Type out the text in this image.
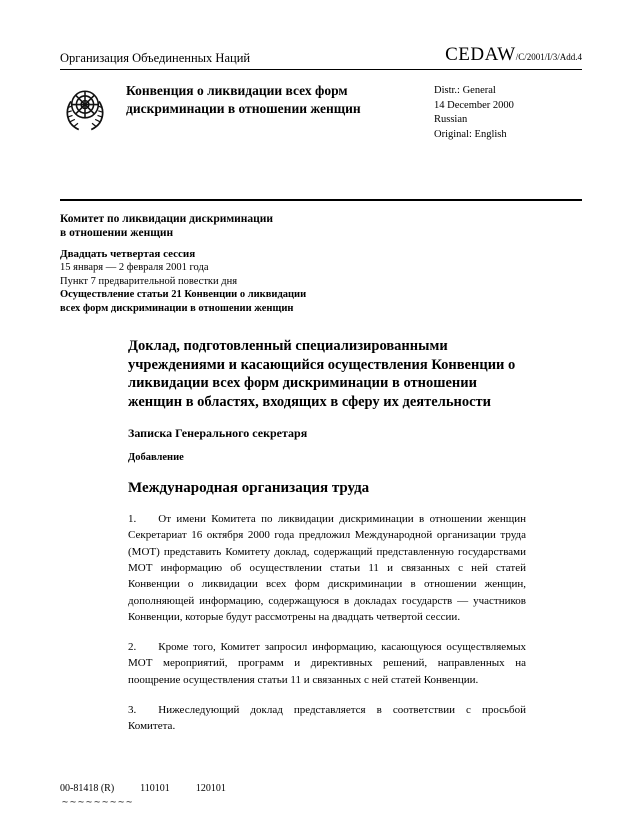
Организация Объединенных Наций	CEDAW/C/2001/I/3/Add.4
Конвенция о ликвидации всех форм дискриминации в отношении женщин
Distr.: General
14 December 2000
Russian
Original: English
Комитет по ликвидации дискриминации
в отношении женщин
Двадцать четвертая сессия
15 января — 2 февраля 2001 года
Пункт 7 предварительной повестки дня
Осуществление статьи 21 Конвенции о ликвидации
всех форм дискриминации в отношении женщин
Доклад, подготовленный специализированными учреждениями и касающийся осуществления Конвенции о ликвидации всех форм дискриминации в отношении женщин в областях, входящих в сферу их деятельности
Записка Генерального секретаря
Добавление
Международная организация труда

1. От имени Комитета по ликвидации дискриминации в отношении женщин Секретариат 16 октября 2000 года предложил Международной организации труда (МОТ) представить Комитету доклад, содержащий представленную государствами МОТ информацию об осуществлении статьи 11 и связанных с ней статей Конвенции о ликвидации всех форм дискриминации в отношении женщин, дополняющей информацию, содержащуюся в докладах государств — участников Конвенции, которые будут рассмотрены на двадцать четвертой сессии.

2. Кроме того, Комитет запросил информацию, касающуюся осуществляемых МОТ мероприятий, программ и директивных решений, направленных на поощрение осуществления статьи 11 и связанных с ней статей Конвенции.

3. Нижеследующий доклад представляется в соответствии с просьбой Комитета.

00-81418 (R)	110101	120101
~~~~~~~~~
